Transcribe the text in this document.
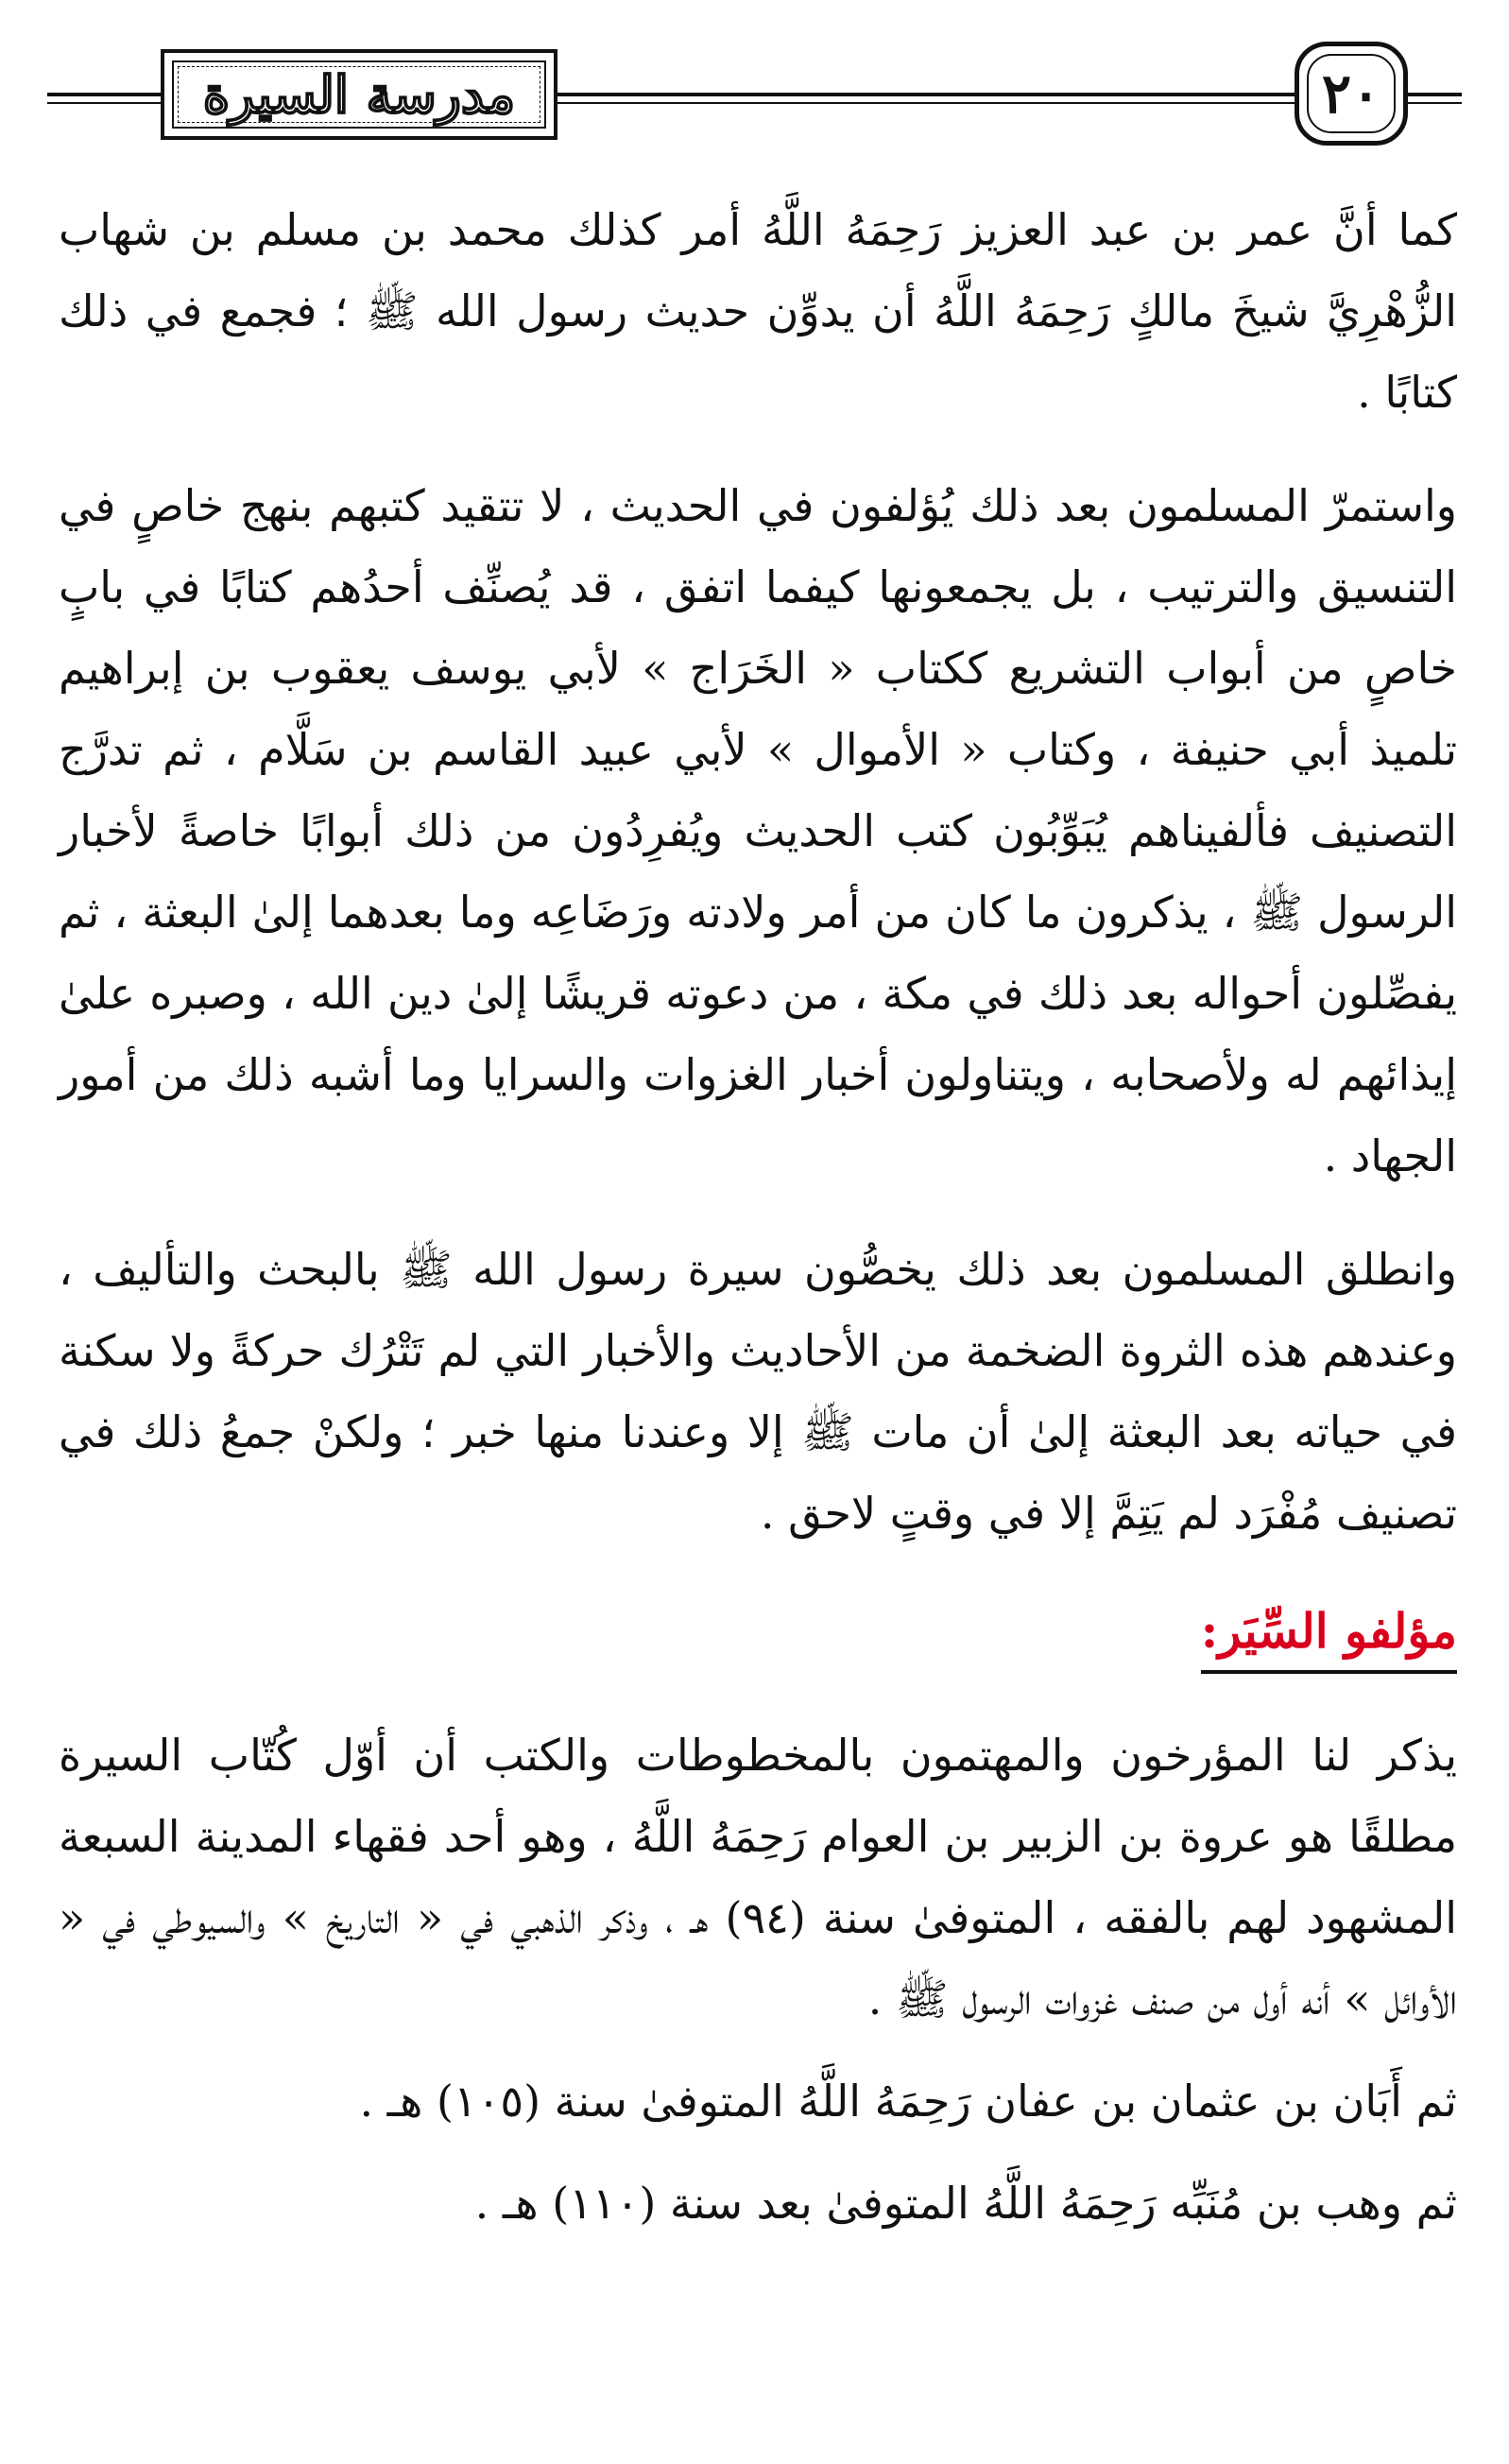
مدرسة السيرة	٢٠

كما أنَّ عمر بن عبد العزيز رَحِمَهُ اللَّهُ أمر كذلك محمد بن مسلم بن شهاب الزُّهْرِيَّ شيخَ مالكٍ رَحِمَهُ اللَّهُ أن يدوِّن حديث رسول الله ﷺ ؛ فجمع في ذلك كتابًا .

واستمرّ المسلمون بعد ذلك يُؤلفون في الحديث ، لا تتقيد كتبهم بنهج خاصٍ في التنسيق والترتيب ، بل يجمعونها كيفما اتفق ، قد يُصنِّف أحدُهم كتابًا في بابٍ خاصٍ من أبواب التشريع ككتاب « الخَرَاج » لأبي يوسف يعقوب بن إبراهيم تلميذ أبي حنيفة ، وكتاب « الأموال » لأبي عبيد القاسم بن سَلَّام ، ثم تدرَّج التصنيف فألفيناهم يُبَوِّبُون كتب الحديث ويُفرِدُون من ذلك أبوابًا خاصةً لأخبار الرسول ﷺ ، يذكرون ما كان من أمر ولادته ورَضَاعِه وما بعدهما إلىٰ البعثة ، ثم يفصِّلون أحواله بعد ذلك في مكة ، من دعوته قريشًا إلىٰ دين الله ، وصبره علىٰ إيذائهم له ولأصحابه ، ويتناولون أخبار الغزوات والسرايا وما أشبه ذلك من أمور الجهاد .

وانطلق المسلمون بعد ذلك يخصُّون سيرة رسول الله ﷺ بالبحث والتأليف ، وعندهم هذه الثروة الضخمة من الأحاديث والأخبار التي لم تَتْرُك حركةً ولا سكنة في حياته بعد البعثة إلىٰ أن مات ﷺ إلا وعندنا منها خبر ؛ ولكنْ جمعُ ذلك في تصنيف مُفْرَد لم يَتِمَّ إلا في وقتٍ لاحق .

مؤلفو السِّيَر:

يذكر لنا المؤرخون والمهتمون بالمخطوطات والكتب أن أوّل كُتّاب السيرة مطلقًا هو عروة بن الزبير بن العوام رَحِمَهُ اللَّهُ ، وهو أحد فقهاء المدينة السبعة المشهود لهم بالفقه ، المتوفىٰ سنة (٩٤) هـ ، وذكر الذهبي في « التاريخ » والسيوطي في « الأوائل » أنه أول من صنف غزوات الرسول ﷺ .

ثم أَبَان بن عثمان بن عفان رَحِمَهُ اللَّهُ المتوفىٰ سنة (١٠٥) هـ .

ثم وهب بن مُنَبِّه رَحِمَهُ اللَّهُ المتوفىٰ بعد سنة (١١٠) هـ .
